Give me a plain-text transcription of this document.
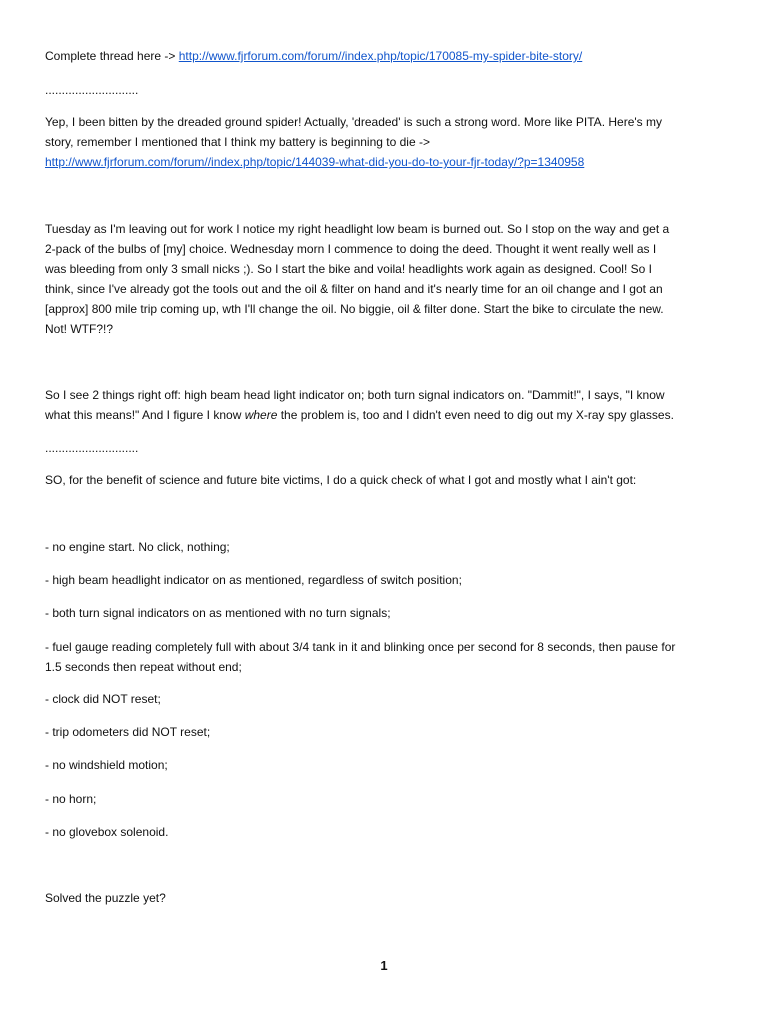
Complete thread here -> http://www.fjrforum.com/forum//index.php/topic/170085-my-spider-bite-story/

............................

Yep, I been bitten by the dreaded ground spider! Actually, 'dreaded' is such a strong word. More like PITA. Here's my
story, remember I mentioned that I think my battery is beginning to die ->
http://www.fjrforum.com/forum//index.php/topic/144039-what-did-you-do-to-your-fjr-today/?p=1340958
Tuesday as I'm leaving out for work I notice my right headlight low beam is burned out. So I stop on the way and get a
2-pack of the bulbs of [my] choice. Wednesday morn I commence to doing the deed. Thought it went really well as I
was bleeding from only 3 small nicks ;). So I start the bike and voila! headlights work again as designed. Cool! So I
think, since I've already got the tools out and the oil & filter on hand and it's nearly time for an oil change and I got an
[approx] 800 mile trip coming up, wth I'll change the oil. No biggie, oil & filter done. Start the bike to circulate the new.
Not! WTF?!?
So I see 2 things right off: high beam head light indicator on; both turn signal indicators on. "Dammit!", I says, "I know
what this means!" And I figure I know where the problem is, too and I didn't even need to dig out my X-ray spy glasses.

............................

SO, for the benefit of science and future bite victims, I do a quick check of what I got and mostly what I ain't got:

- no engine start. No click, nothing;

- high beam headlight indicator on as mentioned, regardless of switch position;

- both turn signal indicators on as mentioned with no turn signals;

- fuel gauge reading completely full with about 3/4 tank in it and blinking once per second for 8 seconds, then pause for
1.5 seconds then repeat without end;

- clock did NOT reset;

- trip odometers did NOT reset;

- no windshield motion;

- no horn;

- no glovebox solenoid.

Solved the puzzle yet?

1
